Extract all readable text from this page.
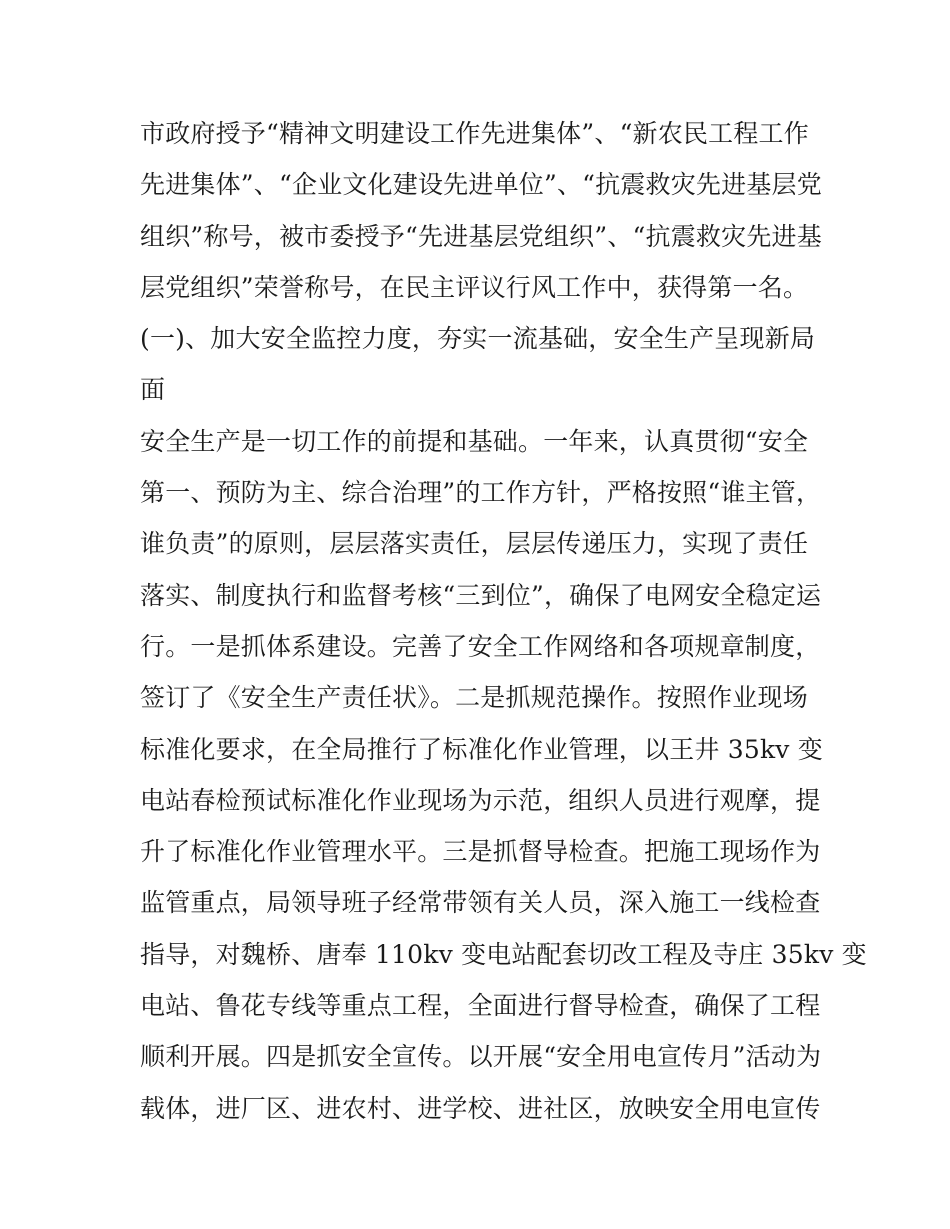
市政府授予“精神文明建设工作先进集体”、“新农民工程工作
先进集体”、“企业文化建设先进单位”、“抗震救灾先进基层党
组织”称号，被市委授予“先进基层党组织”、“抗震救灾先进基
层党组织”荣誉称号，在民主评议行风工作中，获得第一名。
(一)、加大安全监控力度，夯实一流基础，安全生产呈现新局
面
安全生产是一切工作的前提和基础。一年来，认真贯彻“安全
第一、预防为主、综合治理”的工作方针，严格按照“谁主管，
谁负责”的原则，层层落实责任，层层传递压力，实现了责任
落实、制度执行和监督考核“三到位”，确保了电网安全稳定运
行。一是抓体系建设。完善了安全工作网络和各项规章制度，
签订了《安全生产责任状》。二是抓规范操作。按照作业现场
标准化要求，在全局推行了标准化作业管理，以王井 35kv 变
电站春检预试标准化作业现场为示范，组织人员进行观摩，提
升了标准化作业管理水平。三是抓督导检查。把施工现场作为
监管重点，局领导班子经常带领有关人员，深入施工一线检查
指导，对魏桥、唐奉 110kv 变电站配套切改工程及寺庄 35kv 变
电站、鲁花专线等重点工程，全面进行督导检查，确保了工程
顺利开展。四是抓安全宣传。以开展“安全用电宣传月”活动为
载体，进厂区、进农村、进学校、进社区，放映安全用电宣传
